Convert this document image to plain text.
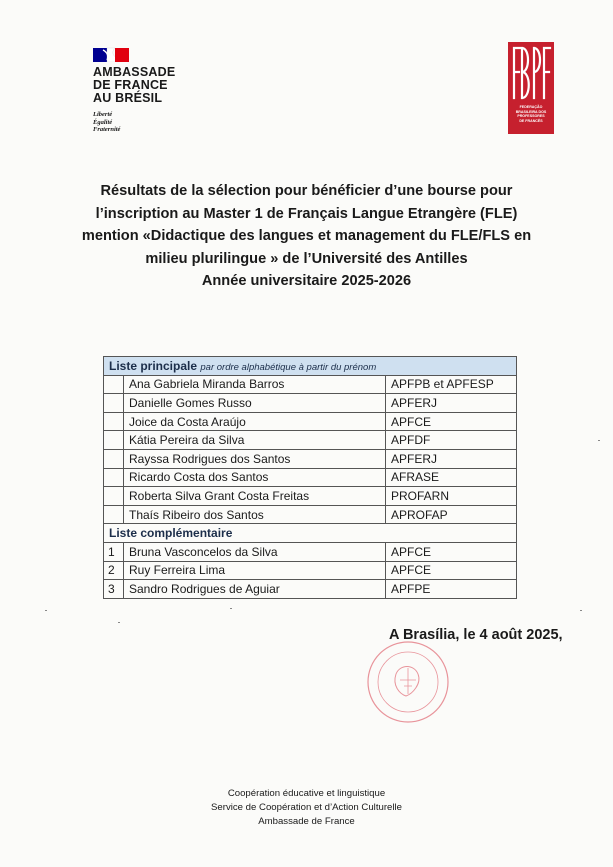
AMBASSADE
DE FRANCE
AU BRÉSIL
Liberté
Égalité
Fraternité
FEDERAÇÃO
BRASILEIRA DOS
PROFESSORES
DE FRANCÊS
Résultats de la sélection pour bénéficier d’une bourse pour
l’inscription au Master 1 de Français Langue Etrangère (FLE)
mention «Didactique des langues et management du FLE/FLS en
milieu plurilingue » de l’Université des Antilles
Année universitaire 2025-2026
Liste principale par ordre alphabétique à partir du prénom		
	Ana Gabriela Miranda Barros	APFPB et APFESP
	Danielle Gomes Russo	APFERJ
	Joice da Costa Araújo	APFCE
	Kátia Pereira da Silva	APFDF
	Rayssa Rodrigues dos Santos	APFERJ
	Ricardo Costa dos Santos	AFRASE
	Roberta Silva Grant Costa Freitas	PROFARN
	Thaís Ribeiro dos Santos	APROFAP
Liste complémentaire		
1	Bruna Vasconcelos da Silva	APFCE
2	Ruy Ferreira Lima	APFCE
3	Sandro Rodrigues de Aguiar	APFPE
A Brasília, le 4 août 2025,
Coopération éducative et linguistique
Service de Coopération et d’Action Culturelle
Ambassade de France
